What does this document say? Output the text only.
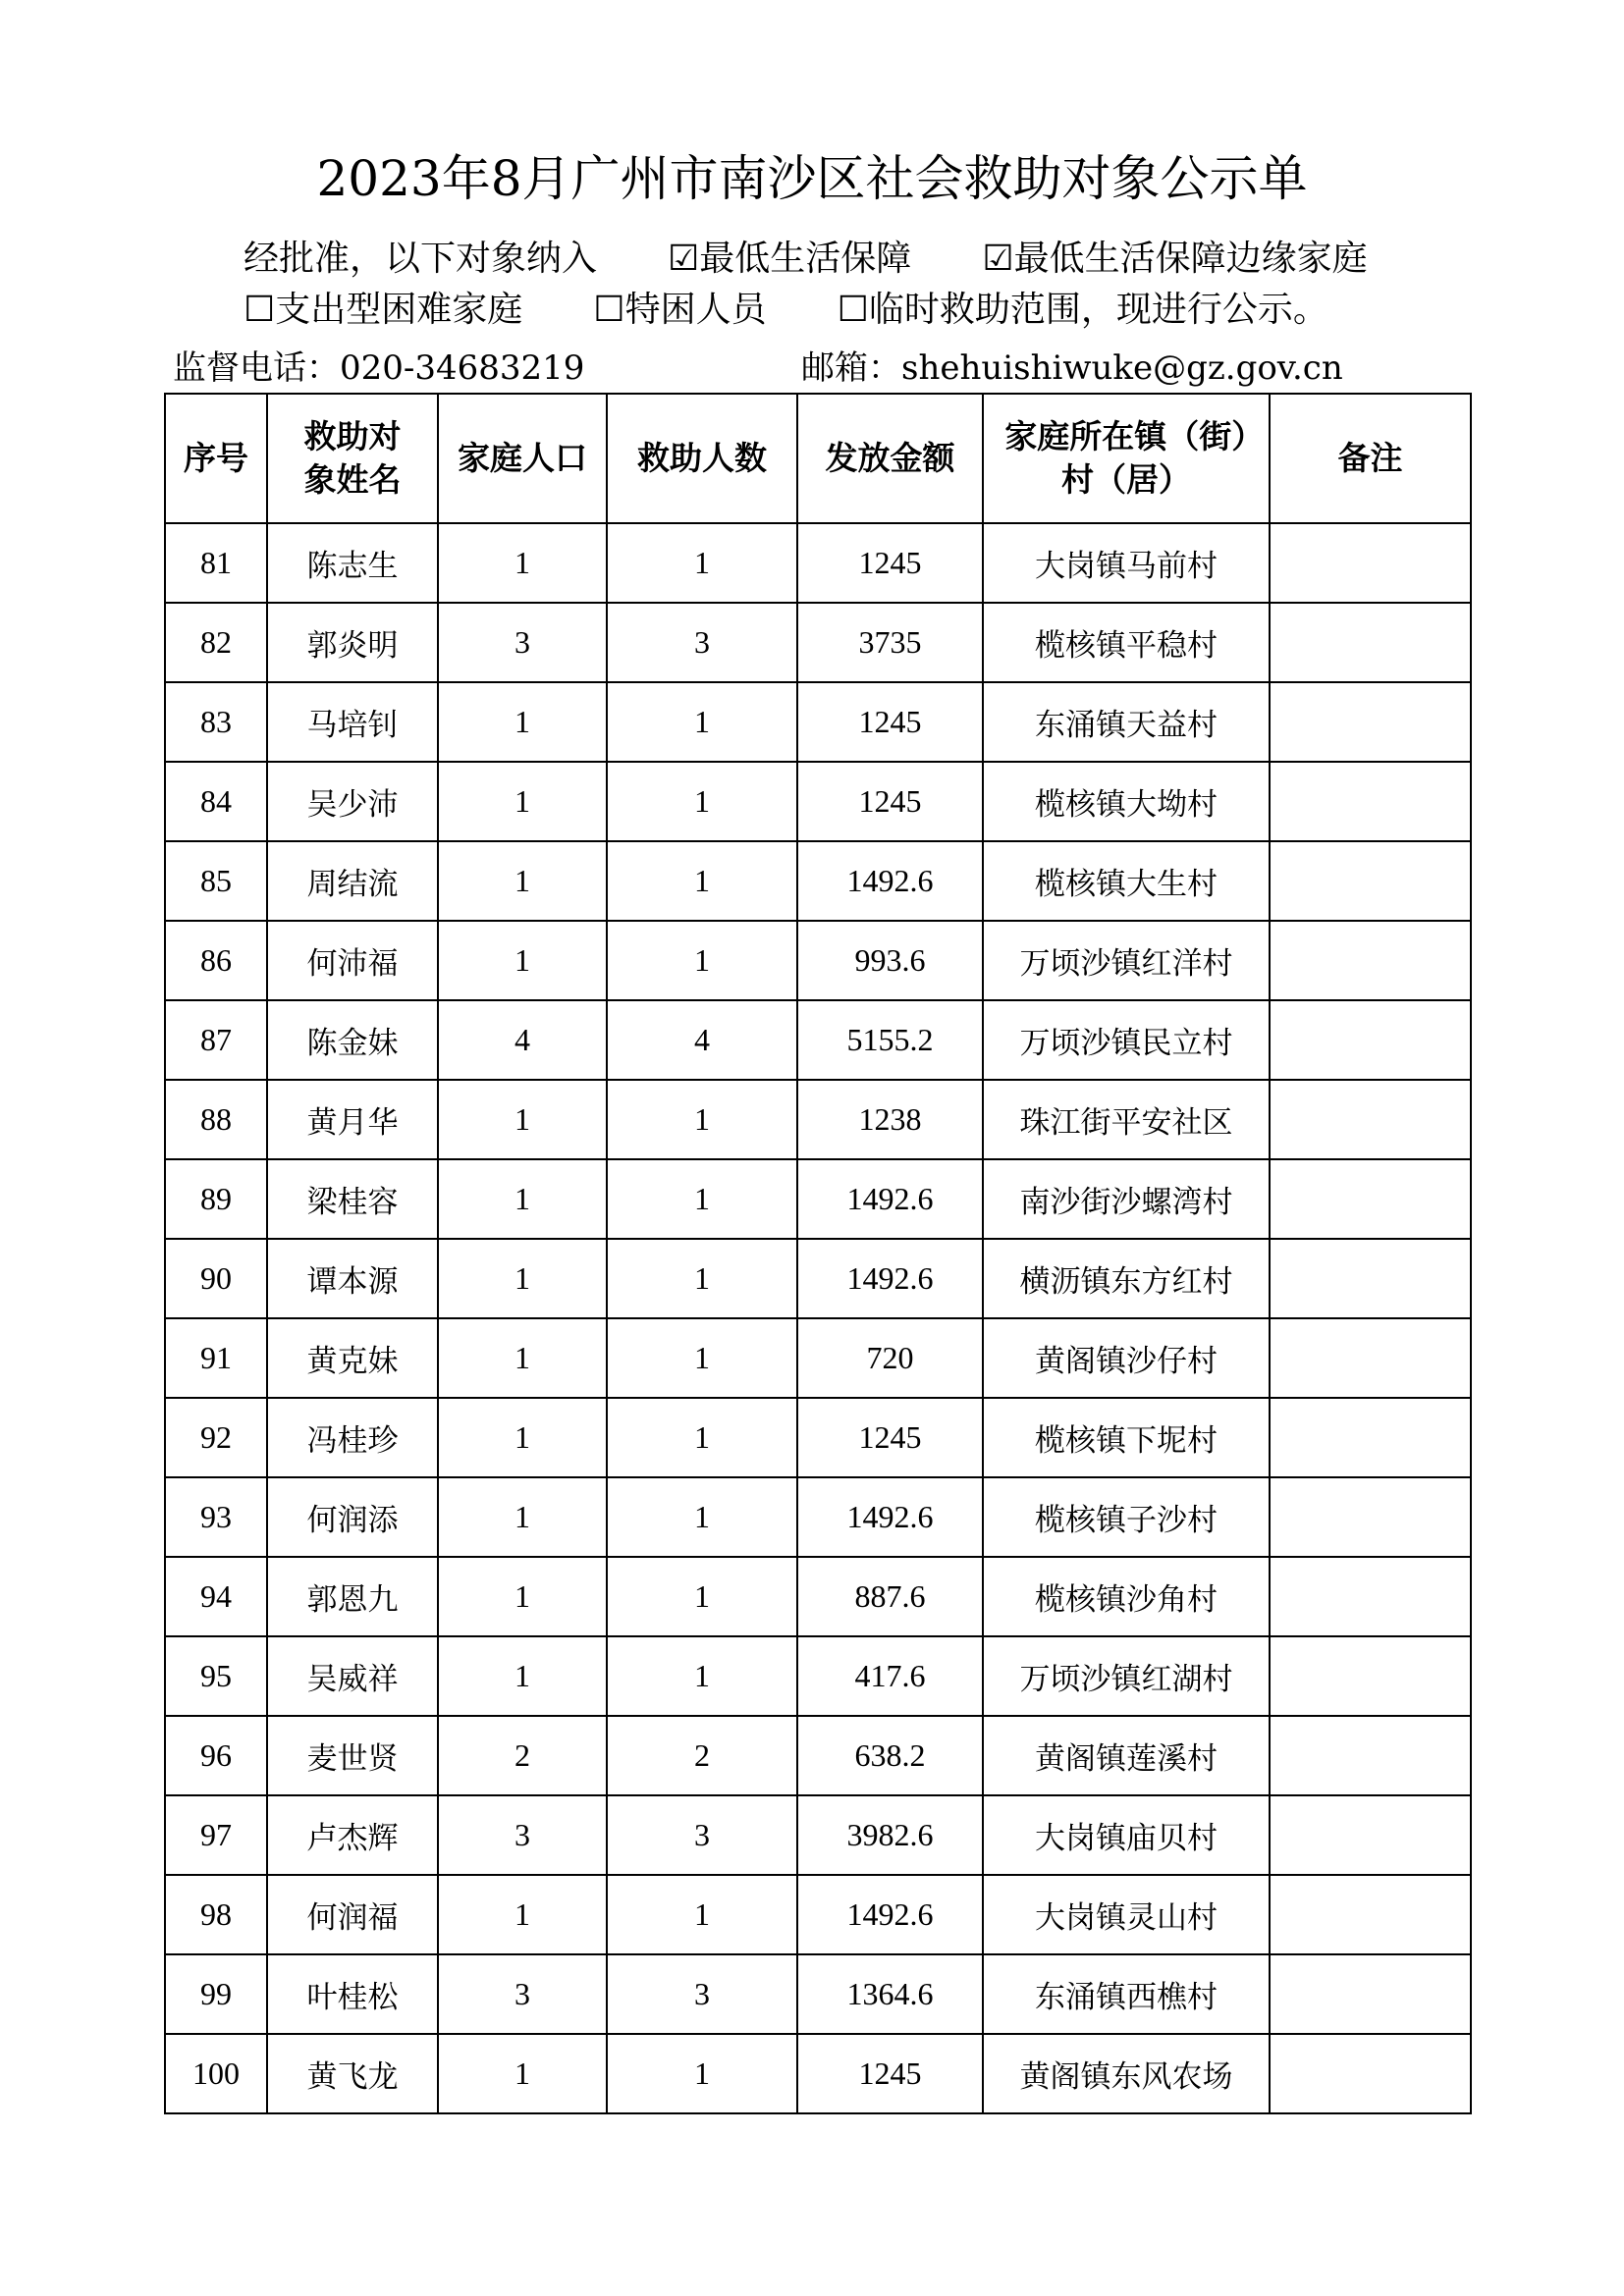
2023年8月广州市南沙区社会救助对象公示单
经批准，以下对象纳入 ☑最低生活保障 ☑最低生活保障边缘家庭☐支出型困难家庭 ☐特困人员 ☐临时救助范围，现进行公示。
监督电话：020-34683219	邮箱：shehuishiwuke@gz.gov.cn
序号	救助对象姓名	家庭人口	救助人数	发放金额	家庭所在镇（街）村（居）	备注
81	陈志生	1	1	1245	大岗镇马前村	
82	郭炎明	3	3	3735	榄核镇平稳村	
83	马培钊	1	1	1245	东涌镇天益村	
84	吴少沛	1	1	1245	榄核镇大坳村	
85	周结流	1	1	1492.6	榄核镇大生村	
86	何沛福	1	1	993.6	万顷沙镇红洋村	
87	陈金妹	4	4	5155.2	万顷沙镇民立村	
88	黄月华	1	1	1238	珠江街平安社区	
89	梁桂容	1	1	1492.6	南沙街沙螺湾村	
90	谭本源	1	1	1492.6	横沥镇东方红村	
91	黄克妹	1	1	720	黄阁镇沙仔村	
92	冯桂珍	1	1	1245	榄核镇下坭村	
93	何润添	1	1	1492.6	榄核镇子沙村	
94	郭恩九	1	1	887.6	榄核镇沙角村	
95	吴威祥	1	1	417.6	万顷沙镇红湖村	
96	麦世贤	2	2	638.2	黄阁镇莲溪村	
97	卢杰辉	3	3	3982.6	大岗镇庙贝村	
98	何润福	1	1	1492.6	大岗镇灵山村	
99	叶桂松	3	3	1364.6	东涌镇西樵村	
100	黄飞龙	1	1	1245	黄阁镇东风农场	
